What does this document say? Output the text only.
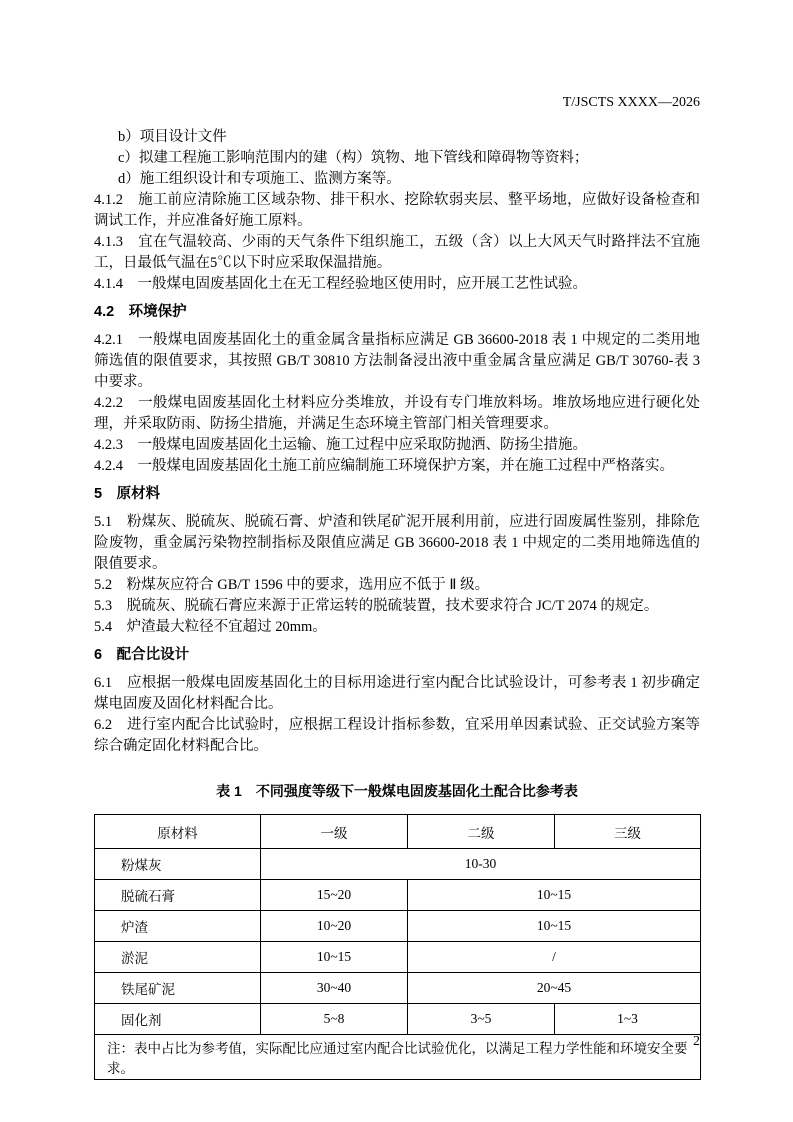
T/JSCTS XXXX—2026

b）项目设计文件

c）拟建工程施工影响范围内的建（构）筑物、地下管线和障碍物等资料；

d）施工组织设计和专项施工、监测方案等。

4.1.2　施工前应清除施工区域杂物、排干积水、挖除软弱夹层、整平场地，应做好设备检查和调试工作，并应准备好施工原料。

4.1.3　宜在气温较高、少雨的天气条件下组织施工，五级（含）以上大风天气时路拌法不宜施工，日最低气温在5℃以下时应采取保温措施。

4.1.4　一般煤电固废基固化土在无工程经验地区使用时，应开展工艺性试验。

4.2　环境保护

4.2.1　一般煤电固废基固化土的重金属含量指标应满足 GB 36600-2018 表 1 中规定的二类用地筛选值的限值要求，其按照 GB/T 30810 方法制备浸出液中重金属含量应满足 GB/T 30760-表 3 中要求。

4.2.2　一般煤电固废基固化土材料应分类堆放，并设有专门堆放料场。堆放场地应进行硬化处理，并采取防雨、防扬尘措施，并满足生态环境主管部门相关管理要求。

4.2.3　一般煤电固废基固化土运输、施工过程中应采取防抛洒、防扬尘措施。

4.2.4　一般煤电固废基固化土施工前应编制施工环境保护方案，并在施工过程中严格落实。

5　原材料

5.1　粉煤灰、脱硫灰、脱硫石膏、炉渣和铁尾矿泥开展利用前，应进行固废属性鉴别，排除危险废物，重金属污染物控制指标及限值应满足 GB 36600-2018 表 1 中规定的二类用地筛选值的限值要求。

5.2　粉煤灰应符合 GB/T 1596 中的要求，选用应不低于 Ⅱ 级。

5.3　脱硫灰、脱硫石膏应来源于正常运转的脱硫装置，技术要求符合 JC/T 2074 的规定。

5.4　炉渣最大粒径不宜超过 20mm。

6　配合比设计

6.1　应根据一般煤电固废基固化土的目标用途进行室内配合比试验设计，可参考表 1 初步确定煤电固废及固化材料配合比。

6.2　进行室内配合比试验时，应根据工程设计指标参数，宜采用单因素试验、正交试验方案等综合确定固化材料配合比。

表 1　不同强度等级下一般煤电固废基固化土配合比参考表

原材料	一级	二级	三级
粉煤灰	10-30		
脱硫石膏	15~20	10~15	
炉渣	10~20	10~15	
淤泥	10~15	/	
铁尾矿泥	30~40	20~45	
固化剂	5~8	3~5	1~3
注：表中占比为参考值，实际配比应通过室内配合比试验优化，以满足工程力学性能和环境安全要求。			
2
